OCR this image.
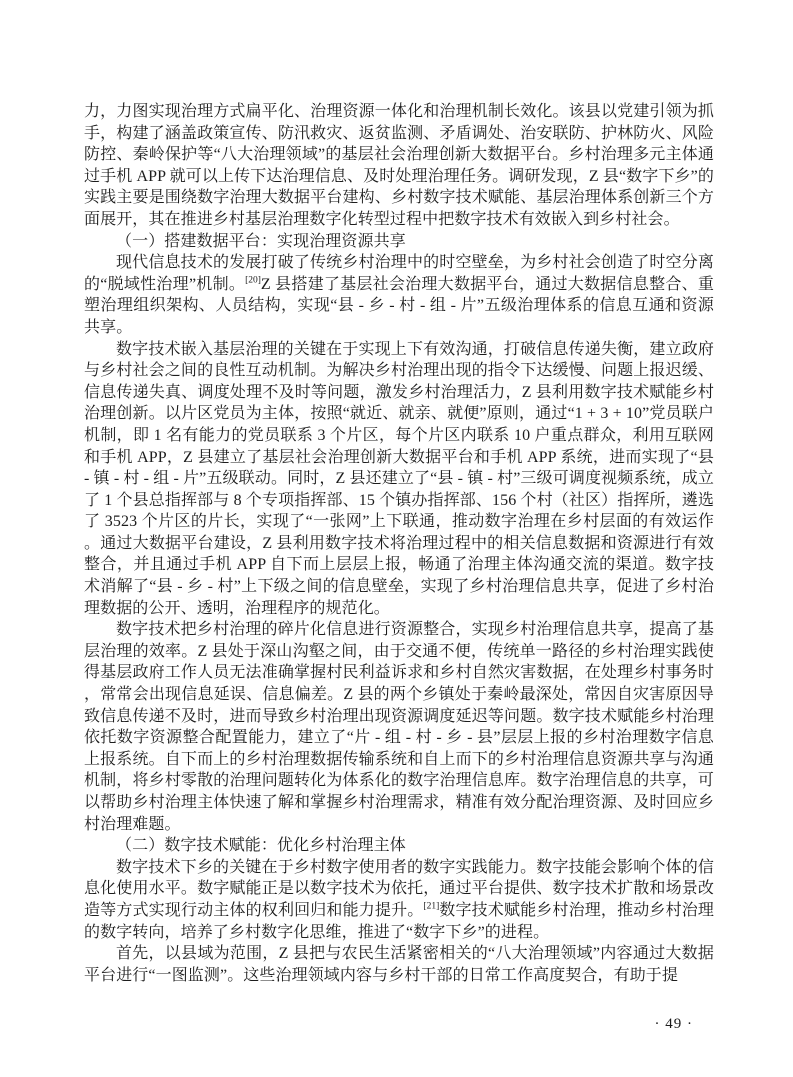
力，力图实现治理方式扁平化、治理资源一体化和治理机制长效化。该县以党建引领为抓手，构建了涵盖政策宣传、防汛救灾、返贫监测、矛盾调处、治安联防、护林防火、风险防控、秦岭保护等“八大治理领域”的基层社会治理创新大数据平台。乡村治理多元主体通过手机 APP 就可以上传下达治理信息、及时处理治理任务。调研发现，Z 县“数字下乡”的实践主要是围绕数字治理大数据平台建构、乡村数字技术赋能、基层治理体系创新三个方面展开，其在推进乡村基层治理数字化转型过程中把数字技术有效嵌入到乡村社会。

（一）搭建数据平台：实现治理资源共享

现代信息技术的发展打破了传统乡村治理中的时空壁垒，为乡村社会创造了时空分离的“脱域性治理”机制。[20]Z 县搭建了基层社会治理大数据平台，通过大数据信息整合、重塑治理组织架构、人员结构，实现“县 - 乡 - 村 - 组 - 片”五级治理体系的信息互通和资源共享。

数字技术嵌入基层治理的关键在于实现上下有效沟通，打破信息传递失衡，建立政府与乡村社会之间的良性互动机制。为解决乡村治理出现的指令下达缓慢、问题上报迟缓、信息传递失真、调度处理不及时等问题，激发乡村治理活力，Z 县利用数字技术赋能乡村治理创新。以片区党员为主体，按照“就近、就亲、就便”原则，通过“1 + 3 + 10”党员联户机制，即 1 名有能力的党员联系 3 个片区，每个片区内联系 10 户重点群众，利用互联网和手机 APP，Z 县建立了基层社会治理创新大数据平台和手机 APP 系统，进而实现了“县 - 镇 - 村 - 组 - 片”五级联动。同时，Z 县还建立了“县 - 镇 - 村”三级可调度视频系统，成立了 1 个县总指挥部与 8 个专项指挥部、15 个镇办指挥部、156 个村（社区）指挥所，遴选了 3523 个片区的片长，实现了“一张网”上下联通，推动数字治理在乡村层面的有效运作。通过大数据平台建设，Z 县利用数字技术将治理过程中的相关信息数据和资源进行有效整合，并且通过手机 APP 自下而上层层上报，畅通了治理主体沟通交流的渠道。数字技术消解了“县 - 乡 - 村”上下级之间的信息壁垒，实现了乡村治理信息共享，促进了乡村治理数据的公开、透明，治理程序的规范化。

数字技术把乡村治理的碎片化信息进行资源整合，实现乡村治理信息共享，提高了基层治理的效率。Z 县处于深山沟壑之间，由于交通不便，传统单一路径的乡村治理实践使得基层政府工作人员无法准确掌握村民利益诉求和乡村自然灾害数据，在处理乡村事务时，常常会出现信息延误、信息偏差。Z 县的两个乡镇处于秦岭最深处，常因自灾害原因导致信息传递不及时，进而导致乡村治理出现资源调度延迟等问题。数字技术赋能乡村治理依托数字资源整合配置能力，建立了“片 - 组 - 村 - 乡 - 县”层层上报的乡村治理数字信息上报系统。自下而上的乡村治理数据传输系统和自上而下的乡村治理信息资源共享与沟通机制，将乡村零散的治理问题转化为体系化的数字治理信息库。数字治理信息的共享，可以帮助乡村治理主体快速了解和掌握乡村治理需求，精准有效分配治理资源、及时回应乡村治理难题。

（二）数字技术赋能：优化乡村治理主体

数字技术下乡的关键在于乡村数字使用者的数字实践能力。数字技能会影响个体的信息化使用水平。数字赋能正是以数字技术为依托，通过平台提供、数字技术扩散和场景改造等方式实现行动主体的权利回归和能力提升。[21]数字技术赋能乡村治理，推动乡村治理的数字转向，培养了乡村数字化思维，推进了“数字下乡”的进程。

首先，以县域为范围，Z 县把与农民生活紧密相关的“八大治理领域”内容通过大数据平台进行“一图监测”。这些治理领域内容与乡村干部的日常工作高度契合，有助于提

· 49 ·
